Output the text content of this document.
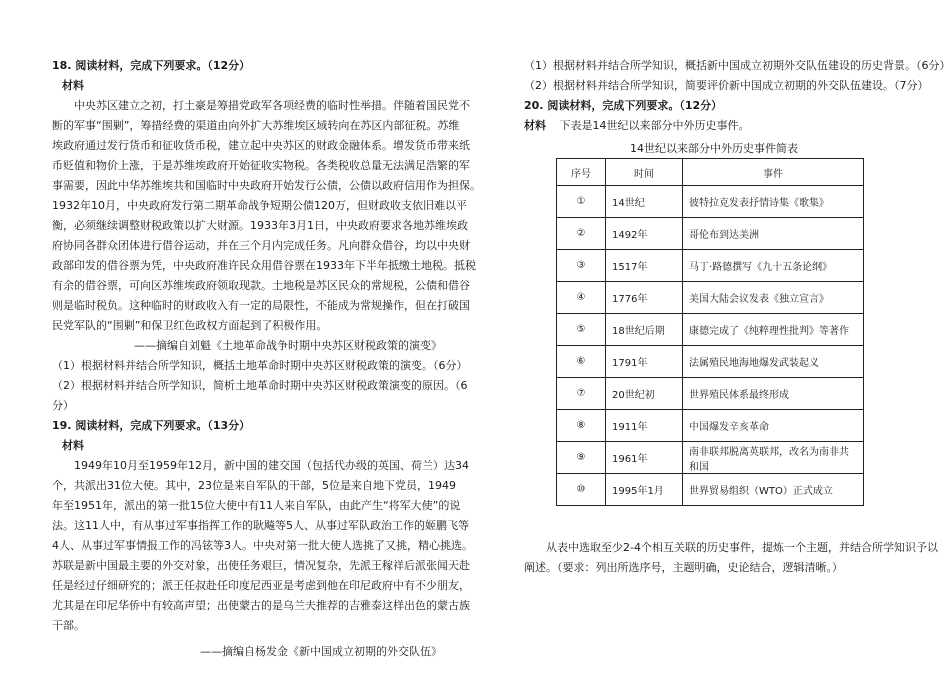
18. 阅读材料，完成下列要求。（12分）
材料
中央苏区建立之初，打土豪是筹措党政军各项经费的临时性举措。伴随着国民党不
断的军事“围剿”，筹措经费的渠道由向外扩大苏维埃区域转向在苏区内部征税。苏维
埃政府通过发行货币和征收货币税，建立起中央苏区的财政金融体系。增发货币带来纸
币贬值和物价上涨，于是苏维埃政府开始征收实物税。各类税收总量无法满足浩繁的军
事需要，因此中华苏维埃共和国临时中央政府开始发行公债，公债以政府信用作为担保。
1932年10月，中央政府发行第二期革命战争短期公债120万，但财政收支依旧难以平
衡，必须继续调整财税政策以扩大财源。1933年3月1日，中央政府要求各地苏维埃政
府协同各群众团体进行借谷运动，并在三个月内完成任务。凡向群众借谷，均以中央财
政部印发的借谷票为凭，中央政府准许民众用借谷票在1933年下半年抵缴土地税。抵税
有余的借谷票，可向区苏维埃政府领取现款。土地税是苏区民众的常规税，公债和借谷
则是临时税负。这种临时的财政收入有一定的局限性，不能成为常规操作，但在打破国
民党军队的“围剿”和保卫红色政权方面起到了积极作用。
——摘编自刘魁《土地革命战争时期中央苏区财税政策的演变》
（1）根据材料并结合所学知识，概括土地革命时期中央苏区财税政策的演变。（6分）
（2）根据材料并结合所学知识，简析土地革命时期中央苏区财税政策演变的原因。（6
分）
19. 阅读材料，完成下列要求。（13分）
材料
1949年10月至1959年12月，新中国的建交国（包括代办级的英国、荷兰）达34
个，共派出31位大使。其中，23位是来自军队的干部，5位是来自地下党员，1949
年至1951年，派出的第一批15位大使中有11人来自军队，由此产生“将军大使”的说
法。这11人中，有从事过军事指挥工作的耿飚等5人、从事过军队政治工作的姬鹏飞等
4人、从事过军事情报工作的冯铉等3人。中央对第一批大使人选挑了又挑，精心挑选。
苏联是新中国最主要的外交对象，出使任务艰巨，情况复杂，先派王稼祥后派张闻天赴
任是经过仔细研究的；派王任叔赴任印度尼西亚是考虑到他在印尼政府中有不少朋友，
尤其是在印尼华侨中有较高声望；出使蒙古的是乌兰夫推荐的吉雅泰这样出色的蒙古族
干部。
——摘编自杨发金《新中国成立初期的外交队伍》
（1）根据材料并结合所学知识，概括新中国成立初期外交队伍建设的历史背景。（6分）
（2）根据材料并结合所学知识，简要评价新中国成立初期的外交队伍建设。（7分）
20. 阅读材料，完成下列要求。（12分）
材料 下表是14世纪以来部分中外历史事件。
14世纪以来部分中外历史事件简表
序号	时间	事件
①	14世纪	彼特拉克发表抒情诗集《歌集》
②	1492年	哥伦布到达美洲
③	1517年	马丁·路德撰写《九十五条论纲》
④	1776年	美国大陆会议发表《独立宣言》
⑤	18世纪后期	康德完成了《纯粹理性批判》等著作
⑥	1791年	法属殖民地海地爆发武装起义
⑦	20世纪初	世界殖民体系最终形成
⑧	1911年	中国爆发辛亥革命
⑨	1961年	南非联邦脱离英联邦，改名为南非共和国
⑩	1995年1月	世界贸易组织（WTO）正式成立
从表中选取至少2-4个相互关联的历史事件，提炼一个主题，并结合所学知识予以
阐述。（要求：列出所选序号，主题明确，史论结合，逻辑清晰。）
